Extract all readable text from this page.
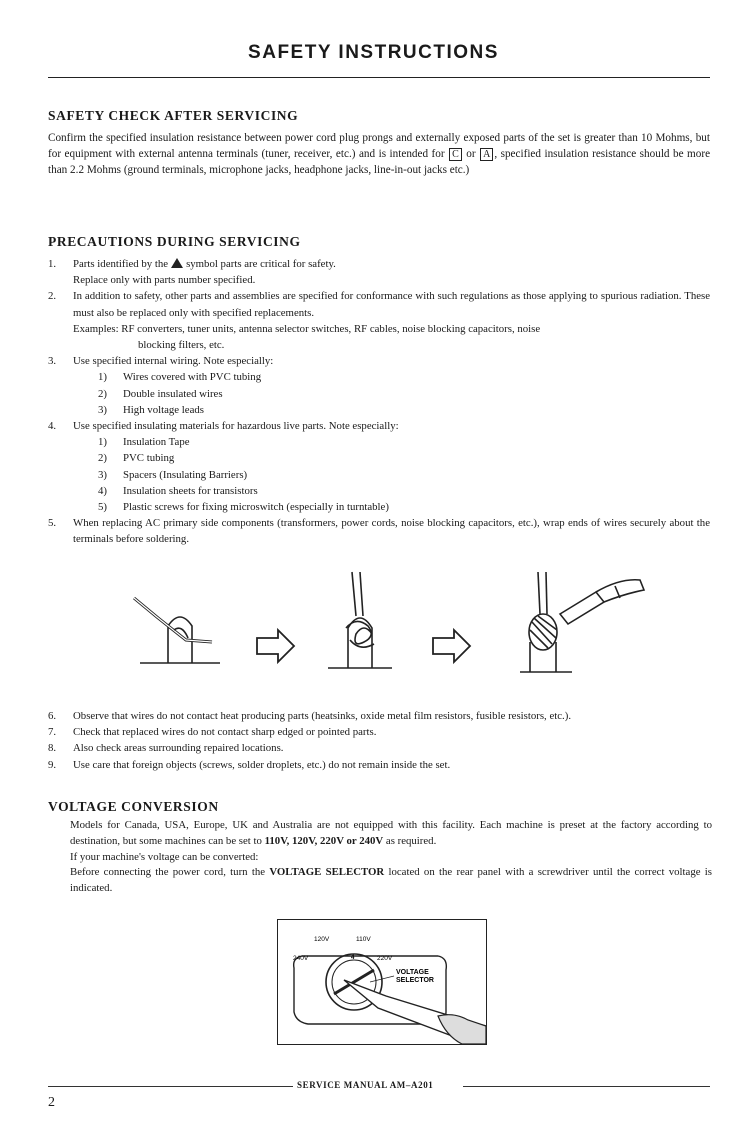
SAFETY INSTRUCTIONS
SAFETY CHECK AFTER SERVICING
Confirm the specified insulation resistance between power cord plug prongs and externally exposed parts of the set is greater than 10 Mohms, but for equipment with external antenna terminals (tuner, receiver, etc.) and is intended for C or A , specified insulation resistance should be more than 2.2 Mohms (ground terminals, microphone jacks, headphone jacks, line-in-out jacks etc.)
PRECAUTIONS DURING SERVICING
1. Parts identified by the symbol parts are critical for safety.
Replace only with parts number specified.
2. In addition to safety, other parts and assemblies are specified for conformance with such regulations as those applying to spurious radiation. These must also be replaced only with specified replacements.
Examples: RF converters, tuner units, antenna selector switches, RF cables, noise blocking capacitors, noise
blocking filters, etc.
3. Use specified internal wiring. Note especially:
1) Wires covered with PVC tubing
2) Double insulated wires
3) High voltage leads
4. Use specified insulating materials for hazardous live parts. Note especially:
1) Insulation Tape
2) PVC tubing
3) Spacers (Insulating Barriers)
4) Insulation sheets for transistors
5) Plastic screws for fixing microswitch (especially in turntable)
5. When replacing AC primary side components (transformers, power cords, noise blocking capacitors, etc.), wrap ends of wires securely about the terminals before soldering.
6. Observe that wires do not contact heat producing parts (heatsinks, oxide metal film resistors, fusible resistors, etc.).
7. Check that replaced wires do not contact sharp edged or pointed parts.
8. Also check areas surrounding repaired locations.
9. Use care that foreign objects (screws, solder droplets, etc.) do not remain inside the set.
VOLTAGE CONVERSION
Models for Canada, USA, Europe, UK and Australia are not equipped with this facility. Each machine is preset at the factory according to destination, but some machines can be set to 110V, 120V, 220V or 240V as required.
If your machine's voltage can be converted:
Before connecting the power cord, turn the VOLTAGE SELECTOR located on the rear panel with a screwdriver until the correct voltage is indicated.
120V	110V
240V	220V
4
VOLTAGE
SELECTOR
SERVICE MANUAL AM–A201
2
